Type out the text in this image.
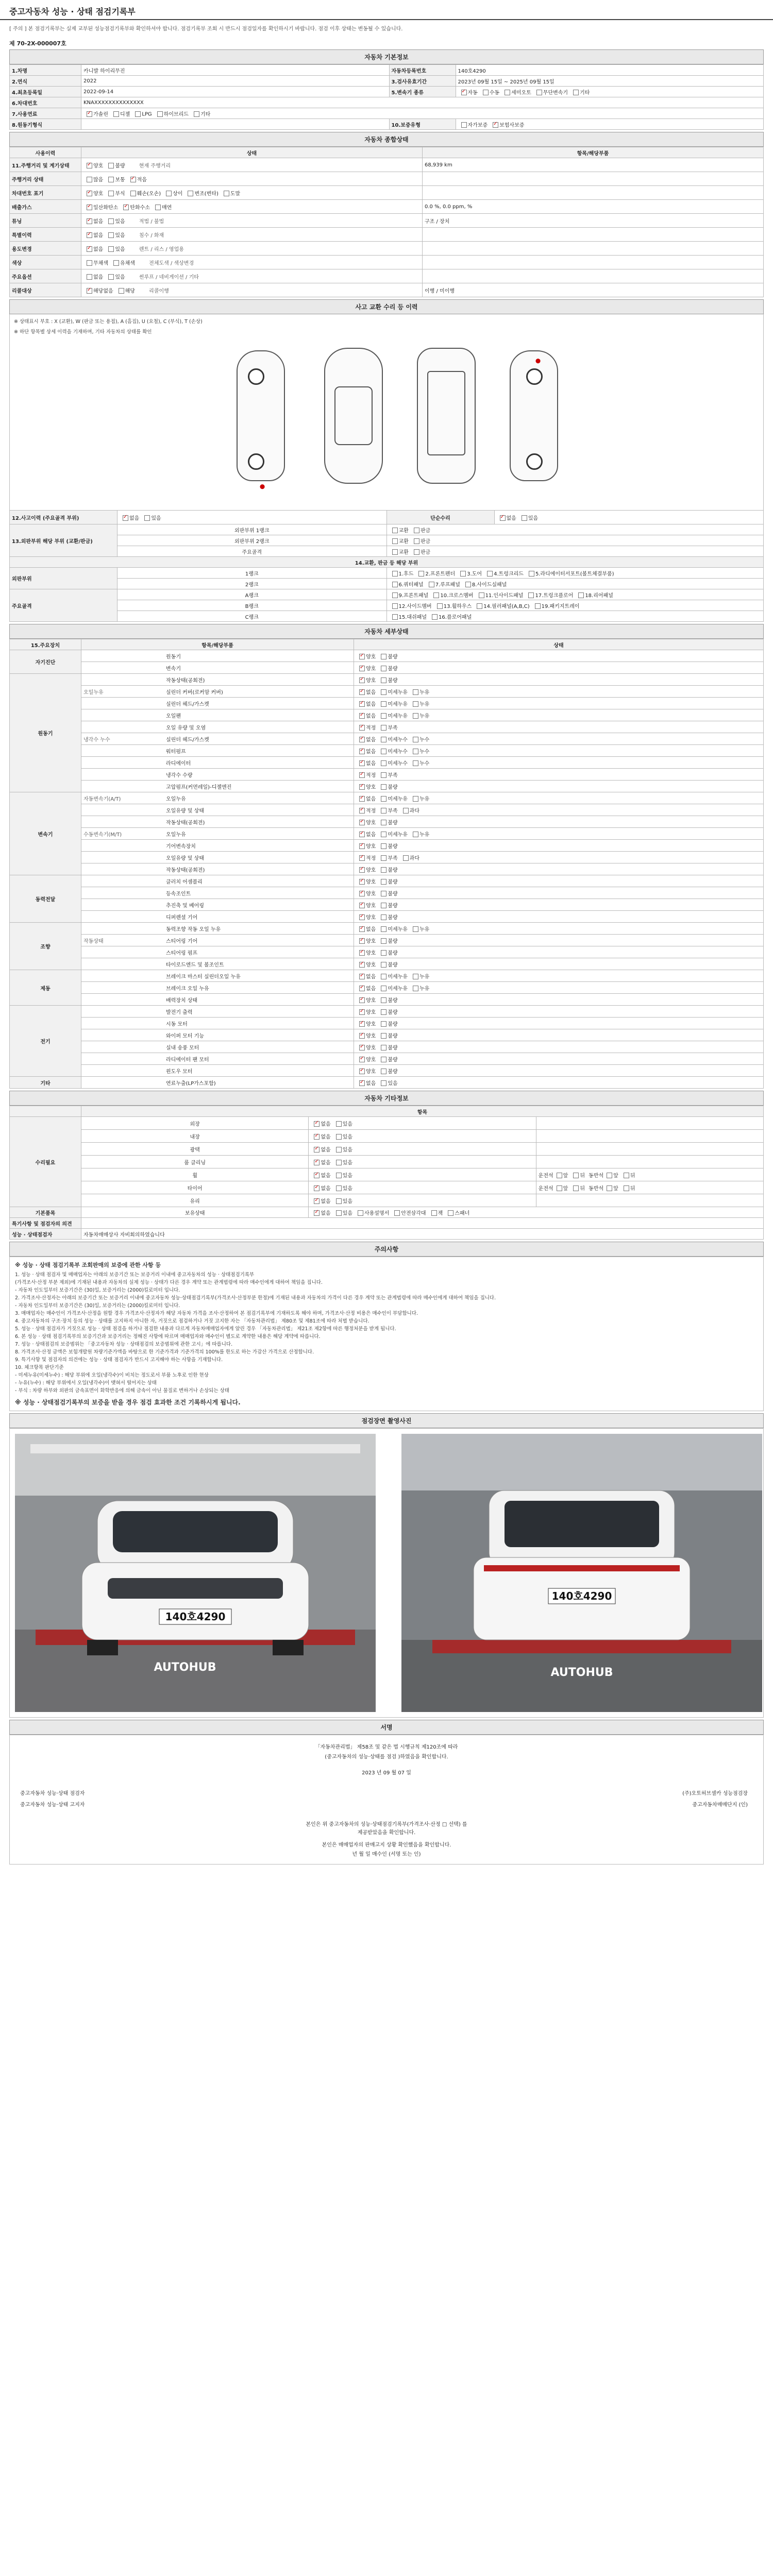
중고자동차 성능 · 상태 점검기록부
[ 주의 ] 본 점검기록부는 실제 교부된 성능점검기록부와 확인하셔야 합니다. 점검기록부 조회 시 반드시 점검일자를 확인하시기 바랍니다. 점검 이후 상태는 변동될 수 있습니다.
제 70-2X-000007호
자동차 기본정보
1.차명	카니발 하이리무진	자동차등록번호	140호4290
2.연식	2022	3.검사유효기간	2023년 09월 15일 ~ 2025년 09월 15일
4.최초등록일	2022-09-14	5.변속기 종류	✓자동 수동 세미오토 무단변속기 기타
6.차대번호	KNAXXXXXXXXXXXXXX		
7.사용연료	✓가솔린 디젤 LPG 하이브리드 기타
8.원동기형식		10.보증유형	자가보증 ✓ 보험사보증
자동차 종합상태
사용이력	상태	항목/해당부품
11.주행거리 및 계기상태	✓양호 불량 현재 주행거리	68,939 km
주행거리 상태	많음 보통 ✓ 적음	
차대번호 표기	✓양호 부식 훼손(오손) 상이 변조(변타) 도말	
배출가스	✓일산화탄소 ✓ 탄화수소 매연	0.0 %, 0.0 ppm, %
튜닝	✓없음 있음 적법 / 불법	구조 / 장치
특별이력	✓없음 있음 침수 / 화재	
용도변경	✓없음 있음 렌트 / 리스 / 영업용	
색상	무채색 유채색 전체도색 / 색상변경	
주요옵션	없음 있음 썬루프 / 네비게이션 / 기타	
리콜대상	✓해당없음 해당 리콜이행	이행 / 미이행
사고 교환 수리 등 이력
※ 상태표시 부호 : X (교환), W (판금 또는 용접), A (흠집), U (요철), C (부식), T (손상)
※ 하단 항목별 상세 이력을 기재하며, 기타 자동차의 상태를 확인
⬤
⬤
12.사고이력 (주요골격 부위)	✓없음 있음	단순수리	✓없음 있음
13.외판부위 해당 부위 (교환/판금)	외판부위 1랭크	교환 판금	
	외판부위 2랭크	교환 판금	
	주요골격	교환 판금	
14.교환, 판금 등 해당 부위			
외판부위	1랭크	1.후드 2.프론트펜더 3.도어 4.트렁크리드 5.라디에이터서포트(볼트체결부품)	
	2랭크	6.쿼터패널 7.루프패널 8.사이드실패널	
주요골격	A랭크	9.프론트패널 10.크로스멤버 11.인사이드패널 17.트렁크플로어 18.리어패널	
	B랭크	12.사이드멤버 13.휠하우스 14.필러패널(A,B,C) 19.패키지트레이	
	C랭크	15.대쉬패널 16.플로어패널	
자동차 세부상태
15.주요장치	항목/해당부품	상태
자기진단	원동기	✓양호 불량
	변속기	✓양호 불량
원동기	작동상태(공회전)	✓양호 불량
	오일누유 실린더 커버(로커암 커버)	✓없음 미세누유 누유
	실린더 헤드/가스켓	✓없음 미세누유 누유
	오일팬	✓없음 미세누유 누유
	오일 유량 및 오염	✓적정 부족
	냉각수 누수 실린더 헤드/가스켓	✓없음 미세누수 누수
	워터펌프	✓없음 미세누수 누수
	라디에이터	✓없음 미세누수 누수
	냉각수 수량	✓적정 부족
	고압펌프(커먼레일)-디젤엔진	✓양호 불량
변속기	자동변속기(A/T) 오일누유	✓없음 미세누유 누유
	오일유량 및 상태	✓적정 부족 과다
	작동상태(공회전)	✓양호 불량
	수동변속기(M/T) 오일누유	✓없음 미세누유 누유
	기어변속장치	✓양호 불량
	오일유량 및 상태	✓적정 부족 과다
	작동상태(공회전)	✓양호 불량
동력전달	클러치 어셈블리	✓양호 불량
	등속조인트	✓양호 불량
	추진축 및 베어링	✓양호 불량
	디퍼렌셜 기어	✓양호 불량
조향	동력조향 작동 오일 누유	✓없음 미세누유 누유
	작동상태 스티어링 기어	✓양호 불량
	스티어링 펌프	✓양호 불량
	타이로드엔드 및 볼조인트	✓양호 불량
제동	브레이크 마스터 실린더오일 누유	✓없음 미세누유 누유
	브레이크 오일 누유	✓없음 미세누유 누유
	배력장치 상태	✓양호 불량
전기	발전기 출력	✓양호 불량
	시동 모터	✓양호 불량
	와이퍼 모터 기능	✓양호 불량
	실내 송풍 모터	✓양호 불량
	라디에이터 팬 모터	✓양호 불량
	윈도우 모터	✓양호 불량
기타	연료누출(LP가스포함)	✓없음 있음
자동차 기타정보
	항목		
수리필요	외장	✓없음 있음	
	내장	✓없음 있음	
	광택	✓없음 있음	
	룸 클리닝	✓없음 있음	
	휠	✓없음 있음	운전석 앞 뒤 동반석 앞 뒤
	타이어	✓없음 있음	운전석 앞 뒤 동반석 앞 뒤
	유리	✓없음 있음	
기본품목	보유상태	✓없음 있음 사용설명서 안전삼각대 잭 스패너
특기사항 및 점검자의 의견			
성능 · 상태점검자	자동차매매상사 자비회의하였습니다		
주의사항
※ 성능 · 상태 점검기록부 조회판매의 보증에 관한 사항 등
1. 성능 · 상태 점검자 및 매매업자는 아래의 보증기간 또는 보증거리 이내에 중고자동차의 성능 · 상태점검기록부
(가격조사·산정 부분 제외)에 기재된 내용과 자동차의 실제 성능 · 상태가 다른 경우 계약 또는 관계법령에 따라 매수인에게 대하여 책임을 집니다.
- 자동차 인도일부터 보증기간은 (30)일, 보증거리는 (2000)킬로미터 입니다.
2. 가격조사·산정자는 아래의 보증기간 또는 보증거리 이내에 중고자동차 성능·상태점검기록부(가격조사·산정부분 한정)에 기재된 내용과 자동차의 가격이 다른 경우 계약 또는 관계법령에 따라 매수인에게 대하여 책임을 집니다.
- 자동차 인도일부터 보증기간은 (30)일, 보증거리는 (2000)킬로미터 입니다.
3. 매매업자는 매수인이 가격조사·산정을 원할 경우 가격조사·산정자가 해당 자동차 가격을 조사·산정하여 본 점검기록부에 기재하도록 해야 하며, 가격조사·산정 비용은 매수인이 부담합니다.
4. 중고자동차의 구조·장치 등의 성능 · 상태를 고지하지 아니한 자, 거짓으로 점검하거나 거짓 고지한 자는 「자동차관리법」 제80조 및 제81조에 따라 처벌 받습니다.
5. 성능 · 상태 점검자가 거짓으로 성능 · 상태 점검을 하거나 점검한 내용과 다르게 자동차매매업자에게 알린 경우 「자동차관리법」 제21조 제2항에 따른 행정처분을 받게 됩니다.
6. 본 성능 · 상태 점검기록부의 보증기간과 보증거리는 정해진 사항에 따르며 매매업자와 매수인이 별도로 계약한 내용은 해당 계약에 따릅니다.
7. 성능 · 상태점검의 보증범위는 「중고자동차 성능 · 상태점검의 보증범위에 관한 고시」에 따릅니다.
8. 가격조사·산정 금액은 보험개발원 차량기준가액을 바탕으로 한 기준가격과 기준가격의 100%를 한도로 하는 가감산 가격으로 산정합니다.
9. 특기사항 및 점검자의 의견에는 성능 · 상태 점검자가 반드시 고지해야 하는 사항을 기재합니다.
10. 체크항목 판단기준
- 미세누유(미세누수) : 해당 부위에 오일(냉각수)이 비치는 정도로서 부품 노후로 인한 현상
- 누유(누수) : 해당 부위에서 오일(냉각수)이 맺혀서 떨어지는 상태
- 부식 : 차량 하부와 외판의 금속표면이 화학반응에 의해 금속이 아닌 물질로 변하거나 손상되는 상태
※ 성능 · 상태점검기록부의 보증을 받을 경우 점검 효과한 조건 기록하시게 됩니다.
점검장면 촬영사진
140호4290
AUTOHUB
140호4290
AUTOHUB
서명
「자동차관리법」 제58조 및 같은 법 시행규칙 제120조에 따라
(중고자동차의 성능·상태를 점검 )하였음을 확인합니다.
2023 년 09 월 07 일
중고자동차 성능·상태 점검자	(주)오토허브셀카 성능점검장
중고자동차 성능·상태 고지자	중고자동차매매단지 (인)
본인은 위 중고자동차의 성능·상태점검기록부(가격조사·산정 □ 선택) 를
제공받았음을 확인합니다.
본인은 매매업자의 판매고지 상황 확인했음을 확인합니다.
년 월 일 매수인 (서명 또는 인)
